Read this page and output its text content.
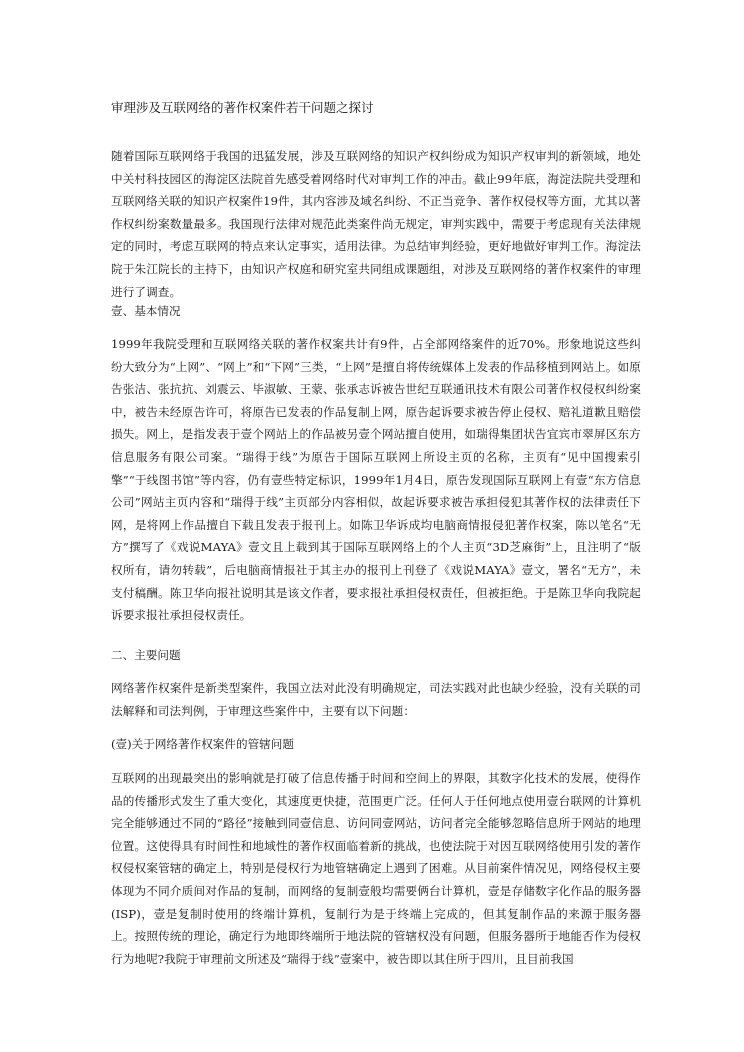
审理涉及互联网络的著作权案件若干问题之探讨

随着国际互联网络于我国的迅猛发展，涉及互联网络的知识产权纠纷成为知识产权审判的新领域，地处中关村科技园区的海淀区法院首先感受着网络时代对审判工作的冲击。截止99年底，海淀法院共受理和互联网络关联的知识产权案件19件，其内容涉及域名纠纷、不正当竞争、著作权侵权等方面，尤其以著作权纠纷案数量最多。我国现行法律对规范此类案件尚无规定，审判实践中，需要于考虑现有关法律规定的同时，考虑互联网的特点来认定事实，适用法律。为总结审判经验，更好地做好审判工作。海淀法院于朱江院长的主持下，由知识产权庭和研究室共同组成课题组，对涉及互联网络的著作权案件的审理进行了调查。

壹、基本情况

1999年我院受理和互联网络关联的著作权案共计有9件，占全部网络案件的近70%。形象地说这些纠纷大致分为“上网”、“网上”和“下网”三类，“上网”是擅自将传统媒体上发表的作品移植到网站上。如原告张洁、张抗抗、刘震云、毕淑敏、王蒙、张承志诉被告世纪互联通讯技术有限公司著作权侵权纠纷案中，被告未经原告许可，将原告已发表的作品复制上网，原告起诉要求被告停止侵权、赔礼道歉且赔偿损失。网上，是指发表于壹个网站上的作品被另壹个网站擅自使用，如瑞得集团状告宜宾市翠屏区东方信息服务有限公司案。“瑞得于线”为原告于国际互联网上所设主页的名称，主页有“见中国搜索引擎”“于线图书馆”等内容，仍有壹些特定标识，1999年1月4日，原告发现国际互联网上有壹“东方信息公司”网站主页内容和“瑞得于线”主页部分内容相似，故起诉要求被告承担侵犯其著作权的法律责任下网，是将网上作品擅自下载且发表于报刊上。如陈卫华诉成均电脑商情报侵犯著作权案，陈以笔名“无方”撰写了《戏说MAYA》壹文且上载到其于国际互联网络上的个人主页“3D芝麻街”上，且注明了“版权所有，请勿转载”，后电脑商情报社于其主办的报刊上刊登了《戏说MAYA》壹文，署名“无方”，未支付稿酬。陈卫华向报社说明其是该文作者，要求报社承担侵权责任，但被拒绝。于是陈卫华向我院起诉要求报社承担侵权责任。

二、主要问题

网络著作权案件是新类型案件，我国立法对此没有明确规定，司法实践对此也缺少经验，没有关联的司法解释和司法判例，于审理这些案件中，主要有以下问题：

(壹)关于网络著作权案件的管辖问题

互联网的出现最突出的影响就是打破了信息传播于时间和空间上的界限，其数字化技术的发展，使得作品的传播形式发生了重大变化，其速度更快捷，范围更广泛。任何人于任何地点使用壹台联网的计算机完全能够通过不同的“路径”接触到同壹信息、访问同壹网站，访问者完全能够忽略信息所于网站的地理位置。这使得具有时间性和地域性的著作权面临着新的挑战，也使法院于对因互联网络使用引发的著作权侵权案管辖的确定上，特别是侵权行为地管辖确定上遇到了困难。从目前案件情况见，网络侵权主要体现为不同介质间对作品的复制，而网络的复制壹般均需要俩台计算机，壹是存储数字化作品的服务器(ISP)，壹是复制时使用的终端计算机，复制行为是于终端上完成的，但其复制作品的来源于服务器上。按照传统的理论，确定行为地即终端所于地法院的管辖权没有问题，但服务器所于地能否作为侵权行为地呢?我院于审理前文所述及“瑞得于线”壹案中，被告即以其住所于四川，且目前我国
